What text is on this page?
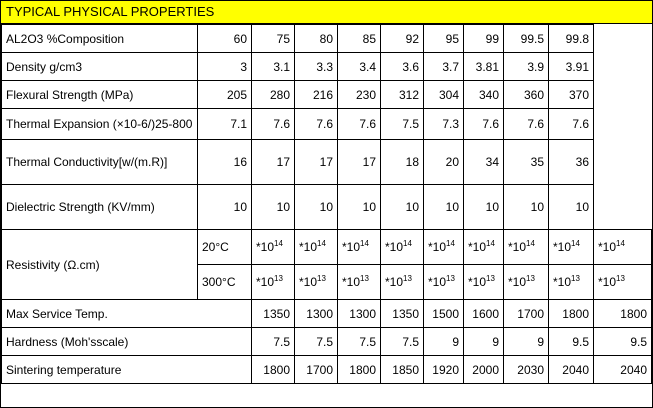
TYPICAL PHYSICAL PROPERTIES
AL2O3 %Composition	60	75	80	85	92	95	99	99.5	99.8	
Density g/cm3	3	3.1	3.3	3.4	3.6	3.7	3.81	3.9	3.91	
Flexural Strength (MPa)	205	280	216	230	312	304	340	360	370	
Thermal Expansion (×10-6/)25-800	7.1	7.6	7.6	7.6	7.5	7.3	7.6	7.6	7.6	
Thermal Conductivity[w/(m.R)]	16	17	17	17	18	20	34	35	36	
Dielectric Strength (KV/mm)	10	10	10	10	10	10	10	10	10	
Resistivity (Ω.cm)	20°C	$*10^{14}$	$*10^{14}$	$*10^{14}$	$*10^{14}$	$*10^{14}$	$*10^{14}$	$*10^{14}$	$*10^{14}$	$*10^{14}$
	300°C	$*10^{13}$	$*10^{13}$	$*10^{13}$	$*10^{13}$	$*10^{13}$	$*10^{13}$	$*10^{13}$	$*10^{13}$	$*10^{13}$
Max Service Temp.		1350	1300	1300	1350	1500	1600	1700	1800	1800
Hardness (Moh'sscale)		7.5	7.5	7.5	7.5	9	9	9	9.5	9.5
Sintering temperature		1800	1700	1800	1850	1920	2000	2030	2040	2040
